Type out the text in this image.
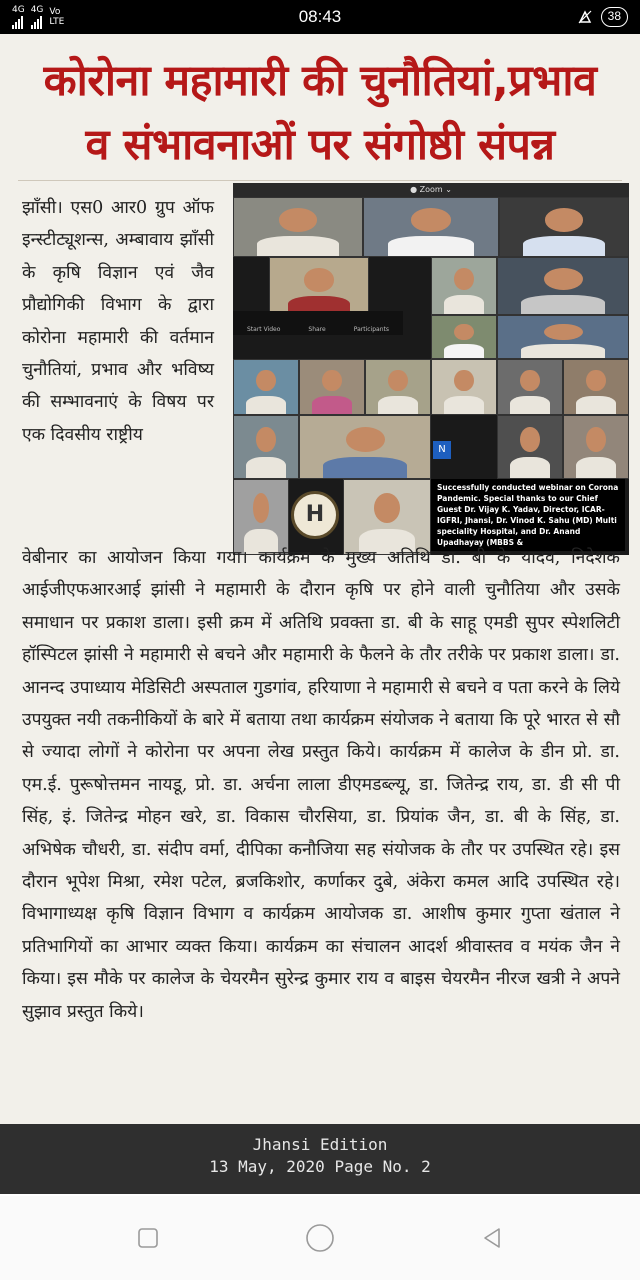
4G 4G Vo LTE	08:43	38
कोरोना महामारी की चुनौतियां,प्रभाव
व संभावनाओं पर संगोष्ठी संपन्न
झाँसी। एस0 आर0 ग्रुप ऑफ इन्स्टीट्यूशन्स, अम्बावाय झाँसी के कृषि विज्ञान एवं जैव प्रौद्योगिकी विभाग के द्वारा कोरोना महामारी की वर्तमान चुनौतियां, प्रभाव और भविष्य की सम्भावनाएं के विषय पर एक दिवसीय राष्ट्रीय
● Zoom ⌄
Start Video	Share	Participants
N
H
Successfully conducted webinar on Corona Pandemic. Special thanks to our Chief Guest Dr. Vijay K. Yadav, Director, ICAR-IGFRI, Jhansi, Dr. Vinod K. Sahu (MD) Multi speciality Hospital, and Dr. Anand Upadhayay (MBBS &
वेबीनार का आयोजन किया गया। कार्यक्रम के मुख्य अतिथि डा. बी के यादव, निदेशक आईजीएफआरआई झांसी ने महामारी के दौरान कृषि पर होने वाली चुनौतिया और उसके समाधान पर प्रकाश डाला। इसी क्रम में अतिथि प्रवक्ता डा. बी के साहू एमडी सुपर स्पेशलिटी हॉस्पिटल झांसी ने महामारी से बचने और महामारी के फैलने के तौर तरीके पर प्रकाश डाला। डा. आनन्द उपाध्याय मेडिसिटी अस्पताल गुडगांव, हरियाणा ने महामारी से बचने व पता करने के लिये उपयुक्त नयी तकनीकियों के बारे में बताया तथा कार्यक्रम संयोजक ने बताया कि पूरे भारत से सौ से ज्यादा लोगों ने कोरोना पर अपना लेख प्रस्तुत किये। कार्यक्रम में कालेज के डीन प्रो. डा. एम.ई. पुरूषोत्तमन नायडू, प्रो. डा. अर्चना लाला डीएमडब्ल्यू, डा. जितेन्द्र राय, डा. डी सी पी सिंह, इं. जितेन्द्र मोहन खरे, डा. विकास चौरसिया, डा. प्रियांक जैन, डा. बी के सिंह, डा. अभिषेक चौधरी, डा. संदीप वर्मा, दीपिका कनौजिया सह संयोजक के तौर पर उपस्थित रहे। इस दौरान भूपेश मिश्रा, रमेश पटेल, ब्रजकिशोर, कर्णाकर दुबे, अंकेरा कमल आदि उपस्थित रहे। विभागाध्यक्ष कृषि विज्ञान विभाग व कार्यक्रम आयोजक डा. आशीष कुमार गुप्ता खंताल ने प्रतिभागियों का आभार व्यक्त किया। कार्यक्रम का संचालन आदर्श श्रीवास्तव व मयंक जैन ने किया। इस मौके पर कालेज के चेयरमैन सुरेन्द्र कुमार राय व बाइस चेयरमैन नीरज खत्री ने अपने सुझाव प्रस्तुत किये।
Jhansi Edition
13 May, 2020 Page No. 2
